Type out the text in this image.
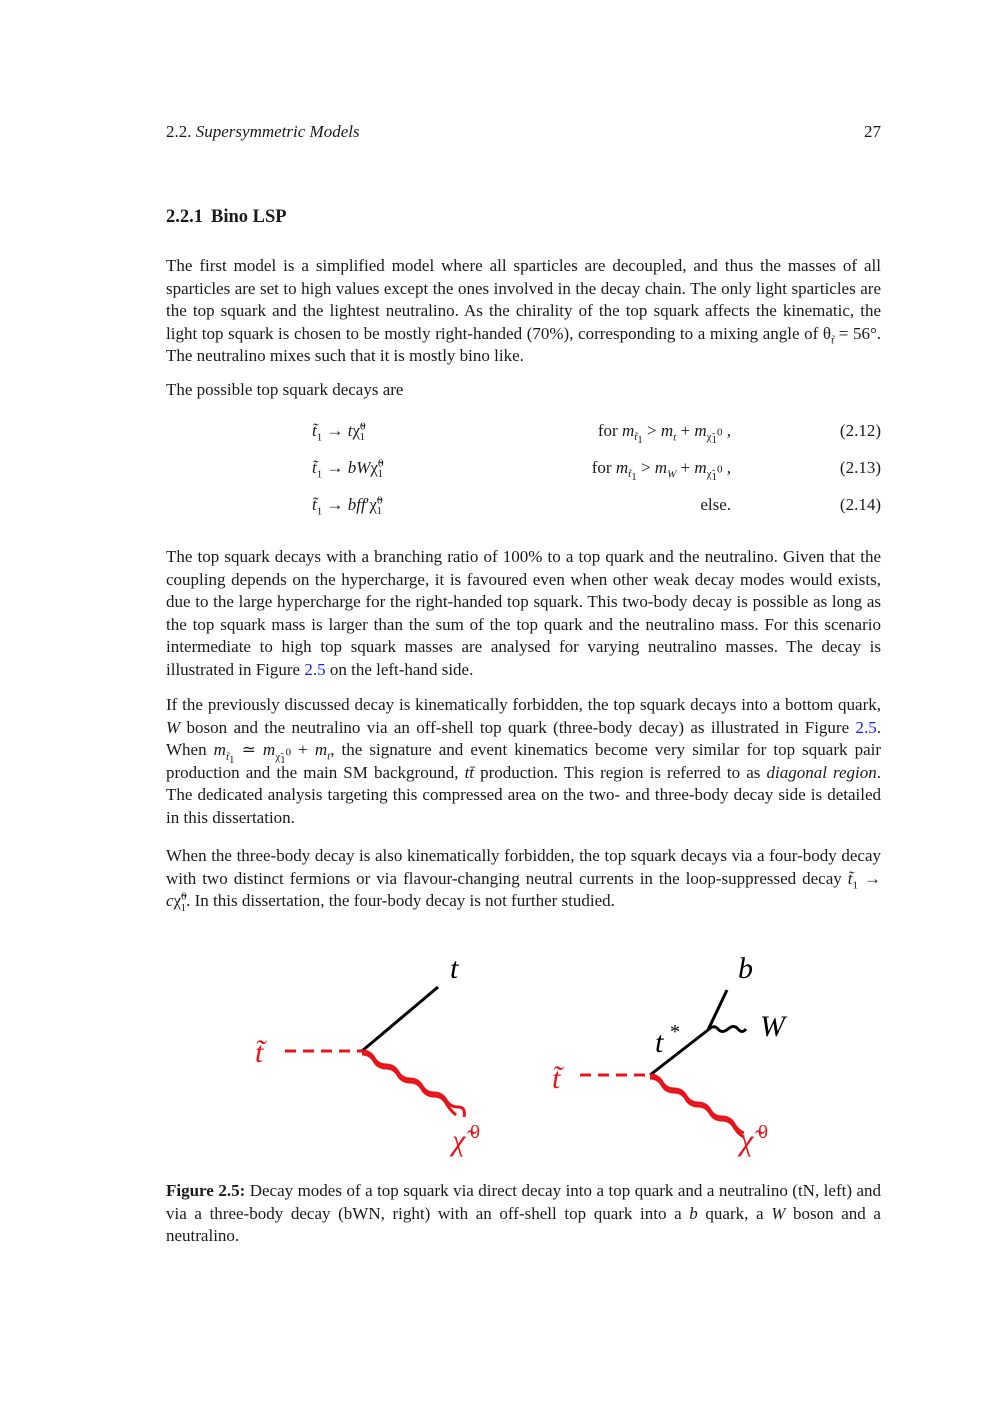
2.2. Supersymmetric Models	27
2.2.1 Bino LSP

The first model is a simplified model where all sparticles are decoupled, and thus the masses of all sparticles are set to high values except the ones involved in the decay chain. The only light sparticles are the top squark and the lightest neutralino. As the chirality of the top squark affects the kinematic, the light top squark is chosen to be mostly right-handed (70%), corresponding to a mixing angle of $\theta_{t̃} = 56^\circ$. The neutralino mixes such that it is mostly bino like.

The possible top squark decays are

$t̃_1$ → tχ̃$^0_1$	for $m_{t̃_1} > m_t + m_{\chĩ_1^0}$ ,	(2.12)
$t̃_1$ → bWχ̃$^0_1$	for $m_{t̃_1} > m_W + m_{\chĩ_1^0}$ ,	(2.13)
$t̃_1$ → bff′χ̃$^0_1$	else.	(2.14)

The top squark decays with a branching ratio of 100% to a top quark and the neutralino. Given that the coupling depends on the hypercharge, it is favoured even when other weak decay modes would exists, due to the large hypercharge for the right-handed top squark. This two-body decay is possible as long as the top squark mass is larger than the sum of the top quark and the neutralino mass. For this scenario intermediate to high top squark masses are analysed for varying neutralino masses. The decay is illustrated in Figure 2.5 on the left-hand side.

If the previously discussed decay is kinematically forbidden, the top squark decays into a bottom quark, W boson and the neutralino via an off-shell top quark (three-body decay) as illustrated in Figure 2.5. When $m_{t̃_1}$ ≃ $m_{\chĩ_1^0} + m_t$, the signature and event kinematics become very similar for top squark pair production and the main SM background, tt̄ production. This region is referred to as diagonal region. The dedicated analysis targeting this compressed area on the two- and three-body decay side is detailed in this dissertation.

When the three-body decay is also kinematically forbidden, the top squark decays via a four-body decay with two distinct fermions or via flavour-changing neutral currents in the loop-suppressed decay $t̃_1$ → cχ̃$^0_1$. In this dissertation, the four-body decay is not further studied.

t̃
t
χ̃ 0
t̃
t *
b
W
χ̃ 0

Figure 2.5: Decay modes of a top squark via direct decay into a top quark and a neutralino (tN, left) and via a three-body decay (bWN, right) with an off-shell top quark into a b quark, a W boson and a neutralino.
